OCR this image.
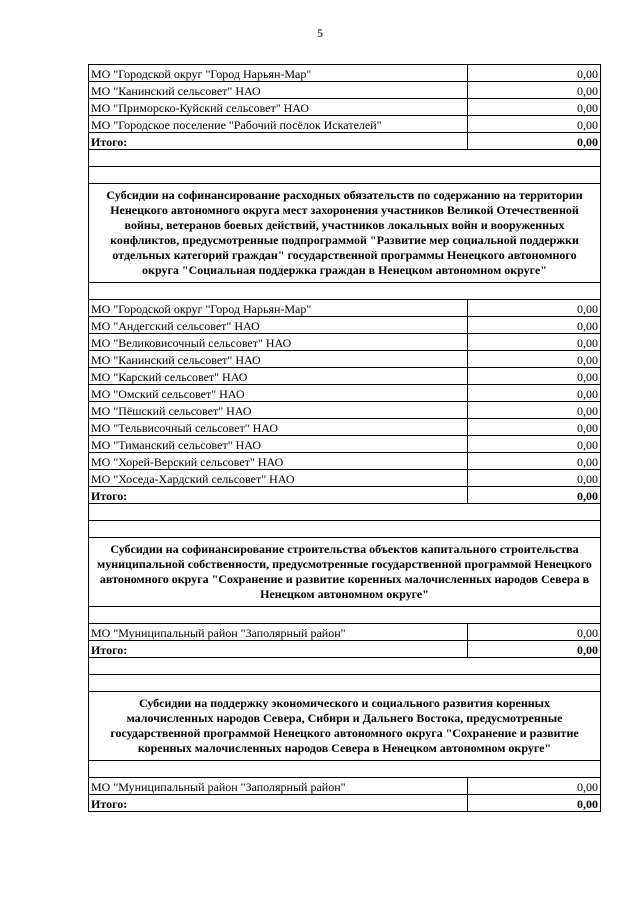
5
МО "Городской округ "Город Нарьян-Мар"	0,00
МО "Канинский сельсовет" НАО	0,00
МО "Приморско-Куйский сельсовет" НАО	0,00
МО "Городское поселение "Рабочий посёлок Искателей"	0,00
Итого:	0,00

Субсидии на софинансирование расходных обязательств по содержанию на территории Ненецкого автономного округа мест захоронения участников Великой Отечественной войны, ветеранов боевых действий, участников локальных войн и вооруженных конфликтов, предусмотренные подпрограммой "Развитие мер социальной поддержки отдельных категорий граждан" государственной программы Ненецкого автономного округа "Социальная поддержка граждан в Ненецком автономном округе"	

МО "Городской округ "Город Нарьян-Мар"	0,00
МО "Андегский сельсовет" НАО	0,00
МО "Великовисочный сельсовет" НАО	0,00
МО "Канинский сельсовет" НАО	0,00
МО "Карский сельсовет" НАО	0,00
МО "Омский сельсовет" НАО	0,00
МО "Пёшский сельсовет" НАО	0,00
МО "Тельвисочный сельсовет" НАО	0,00
МО "Тиманский сельсовет" НАО	0,00
МО "Хорей-Верский сельсовет" НАО	0,00
МО "Хоседа-Хардский сельсовет" НАО	0,00
Итого:	0,00

Субсидии на софинансирование строительства объектов капитального строительства муниципальной собственности, предусмотренные государственной программой Ненецкого автономного округа "Сохранение и развитие коренных малочисленных народов Севера в Ненецком автономном округе"	

МО "Муниципальный район "Заполярный район"	0,00
Итого:	0,00

Субсидии на поддержку экономического и социального развития коренных малочисленных народов Севера, Сибири и Дальнего Востока, предусмотренные государственной программой Ненецкого автономного округа "Сохранение и развитие коренных малочисленных народов Севера в Ненецком автономном округе"	

МО "Муниципальный район "Заполярный район"	0,00
Итого:	0,00
